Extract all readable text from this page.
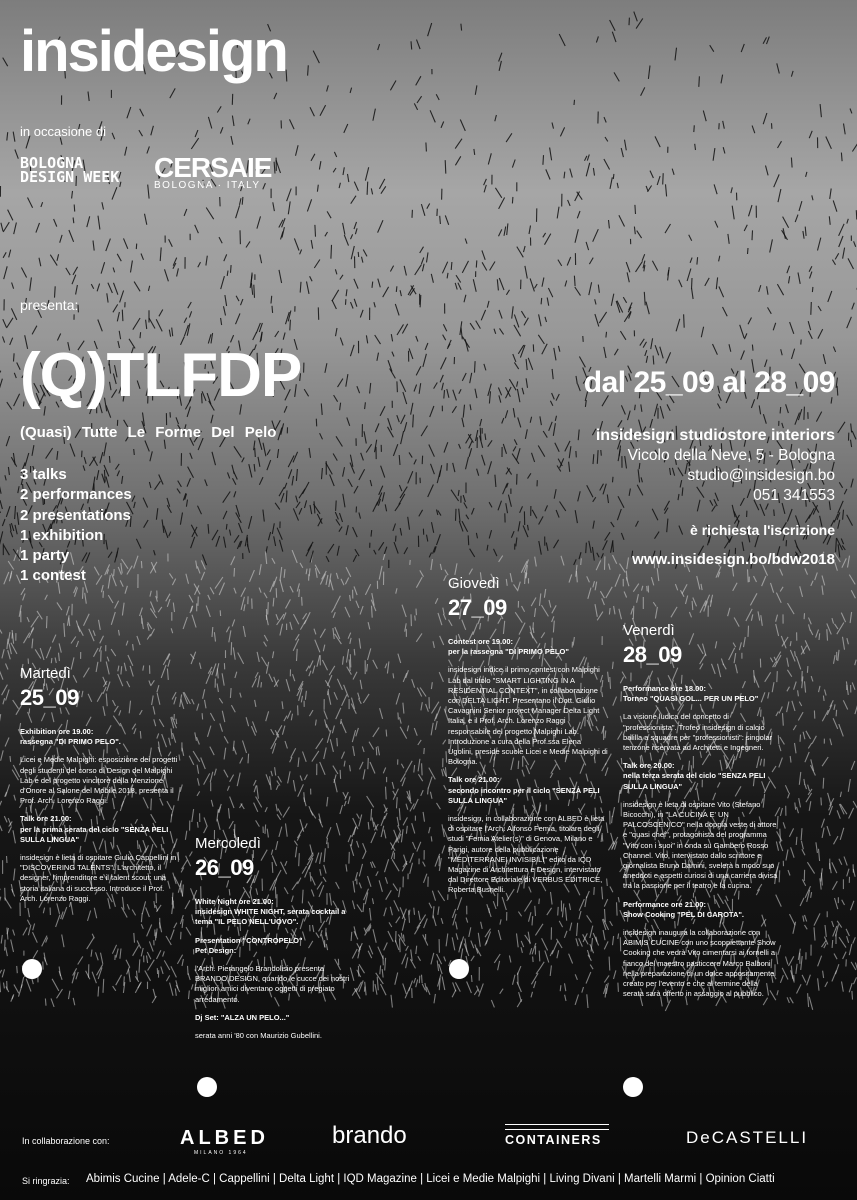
insidesign
in occasione di
BOLOGNA DESIGN WEEK	CERSAIE
BOLOGNA · ITALY
presenta:
(Q)TLFDP
(Quasi) Tutte Le Forme Del Pelo
3 talks
2 performances
2 presentations
1 exhibition
1 party
1 contest
dal 25_09 al 28_09
insidesign studiostore interiors
Vicolo della Neve, 5 - Bologna
studio@insidesign.bo
051 341553
è richiesta l'iscrizione
www.insidesign.bo/bdw2018
Martedì
25_09

Exhibition ore 19.00:
rassegna "DI PRIMO PELO".

Licei e Medie Malpighi: esposizione dei progetti degli studenti del corso di Design del Malpighi Lab e del progetto vincitore della Menzione d'Onore al Salone del Mobile 2018, presenta il Prof. Arch. Lorenzo Raggi.

Talk ore 21.00:
per la prima serata del ciclo "SENZA PELI SULLA LINGUA"

insidesign è lieta di ospitare Giulio Cappellini in "DISCOVERING TALENTS". L'architetto, il designer, l'imprenditore e il talent scout: una storia italiana di successo. Introduce il Prof. Arch. Lorenzo Raggi.

Mercoledì
26_09

White Night ore 21.00:
insidesign WHITE NIGHT, serata cocktail a tema "IL PELO NELL'UOVO".

Presentation "CONTROPELO"
Pet Design:

l'Arch. Pierangelo Brandolisio presenta BRANDO DESIGN, quando le cucce dei nostri migliori amici diventano oggetti di pregiato arredamento.

Dj Set: "ALZA UN PELO..."

serata anni '80 con Maurizio Gubellini.

Giovedì
27_09

Contest ore 19.00:
per la rassegna "DI PRIMO PELO"

insidesign indice il primo contest con Malpighi Lab dal titolo "SMART LIGHTING IN A RESIDENTIAL CONTEXT", in collaborazione con DELTA LIGHT. Presentano il Dott. Giulio Cavagnini Senior project Manager Delta Light Italia, e il Prof. Arch. Lorenzo Raggi responsabile del progetto Malpighi Lab. Introduzione a cura della Prof.ssa Elena Ugolini, preside scuole Licei e Medie Malpighi di Bologna.

Talk ore 21.00:
secondo incontro per il ciclo "SENZA PELI SULLA LINGUA"

insidesign, in collaborazione con ALBED è lieta di ospitare l'Arch. Alfonso Femia, titolare degli studi "Femia Atelier(s)" di Genova, Milano e Parigi, autore della pubblicazione "MEDITERRANEI INVISIBILI" edito da IQD Magazine di Architettura e Design, intervistato dal Direttore Editoriale di VERBUS EDITRICE, Roberta Busnelli.

Venerdì
28_09

Performance ore 18.00:
Torneo "QUASI GOL... PER UN PELO"

La visione ludica del concetto di "professionista". Trofeo insidesign di calcio balilla a squadre per "professionisti": singolar tenzone riservata ad Architetti e Ingegneri.

Talk ore 20.00:
nella terza serata del ciclo "SENZA PELI SULLA LINGUA"

insidesign è lieta di ospitare Vito (Stefano Bicocchi), in "LA CUCINA E' UN PALCOSCENICO" nella doppia veste di attore e "quasi chef", protagonista del programma "Vito con i suoi" in onda su Gambero Rosso Channel. Vito, intervistato dallo scrittore e giornalista Bruno Damini, svelerà a modo suo aneddoti e aspetti curiosi di una carriera divisa tra la passione per il teatro e la cucina.

Performance ore 21.00:
Show Cooking "PEL DI CAROTA".

insidesign inaugura la collaborazione con ABIMIS CUCINE con uno scoppiettante Show Cooking che vedrà Vito cimentarsi ai fornelli a fianco del maestro pasticcere Marco Balboni nella preparazione di un dolce appositamente creato per l'evento e che al termine della serata sarà offerto in assaggio al pubblico.

In collaborazione con:	ALBED
MILANO 1964
brando	CONTAINERS	DeCASTELLI
Si ringrazia: Abimis Cucine | Adele-C | Cappellini | Delta Light | IQD Magazine | Licei e Medie Malpighi | Living Divani | Martelli Marmi | Opinion Ciatti
